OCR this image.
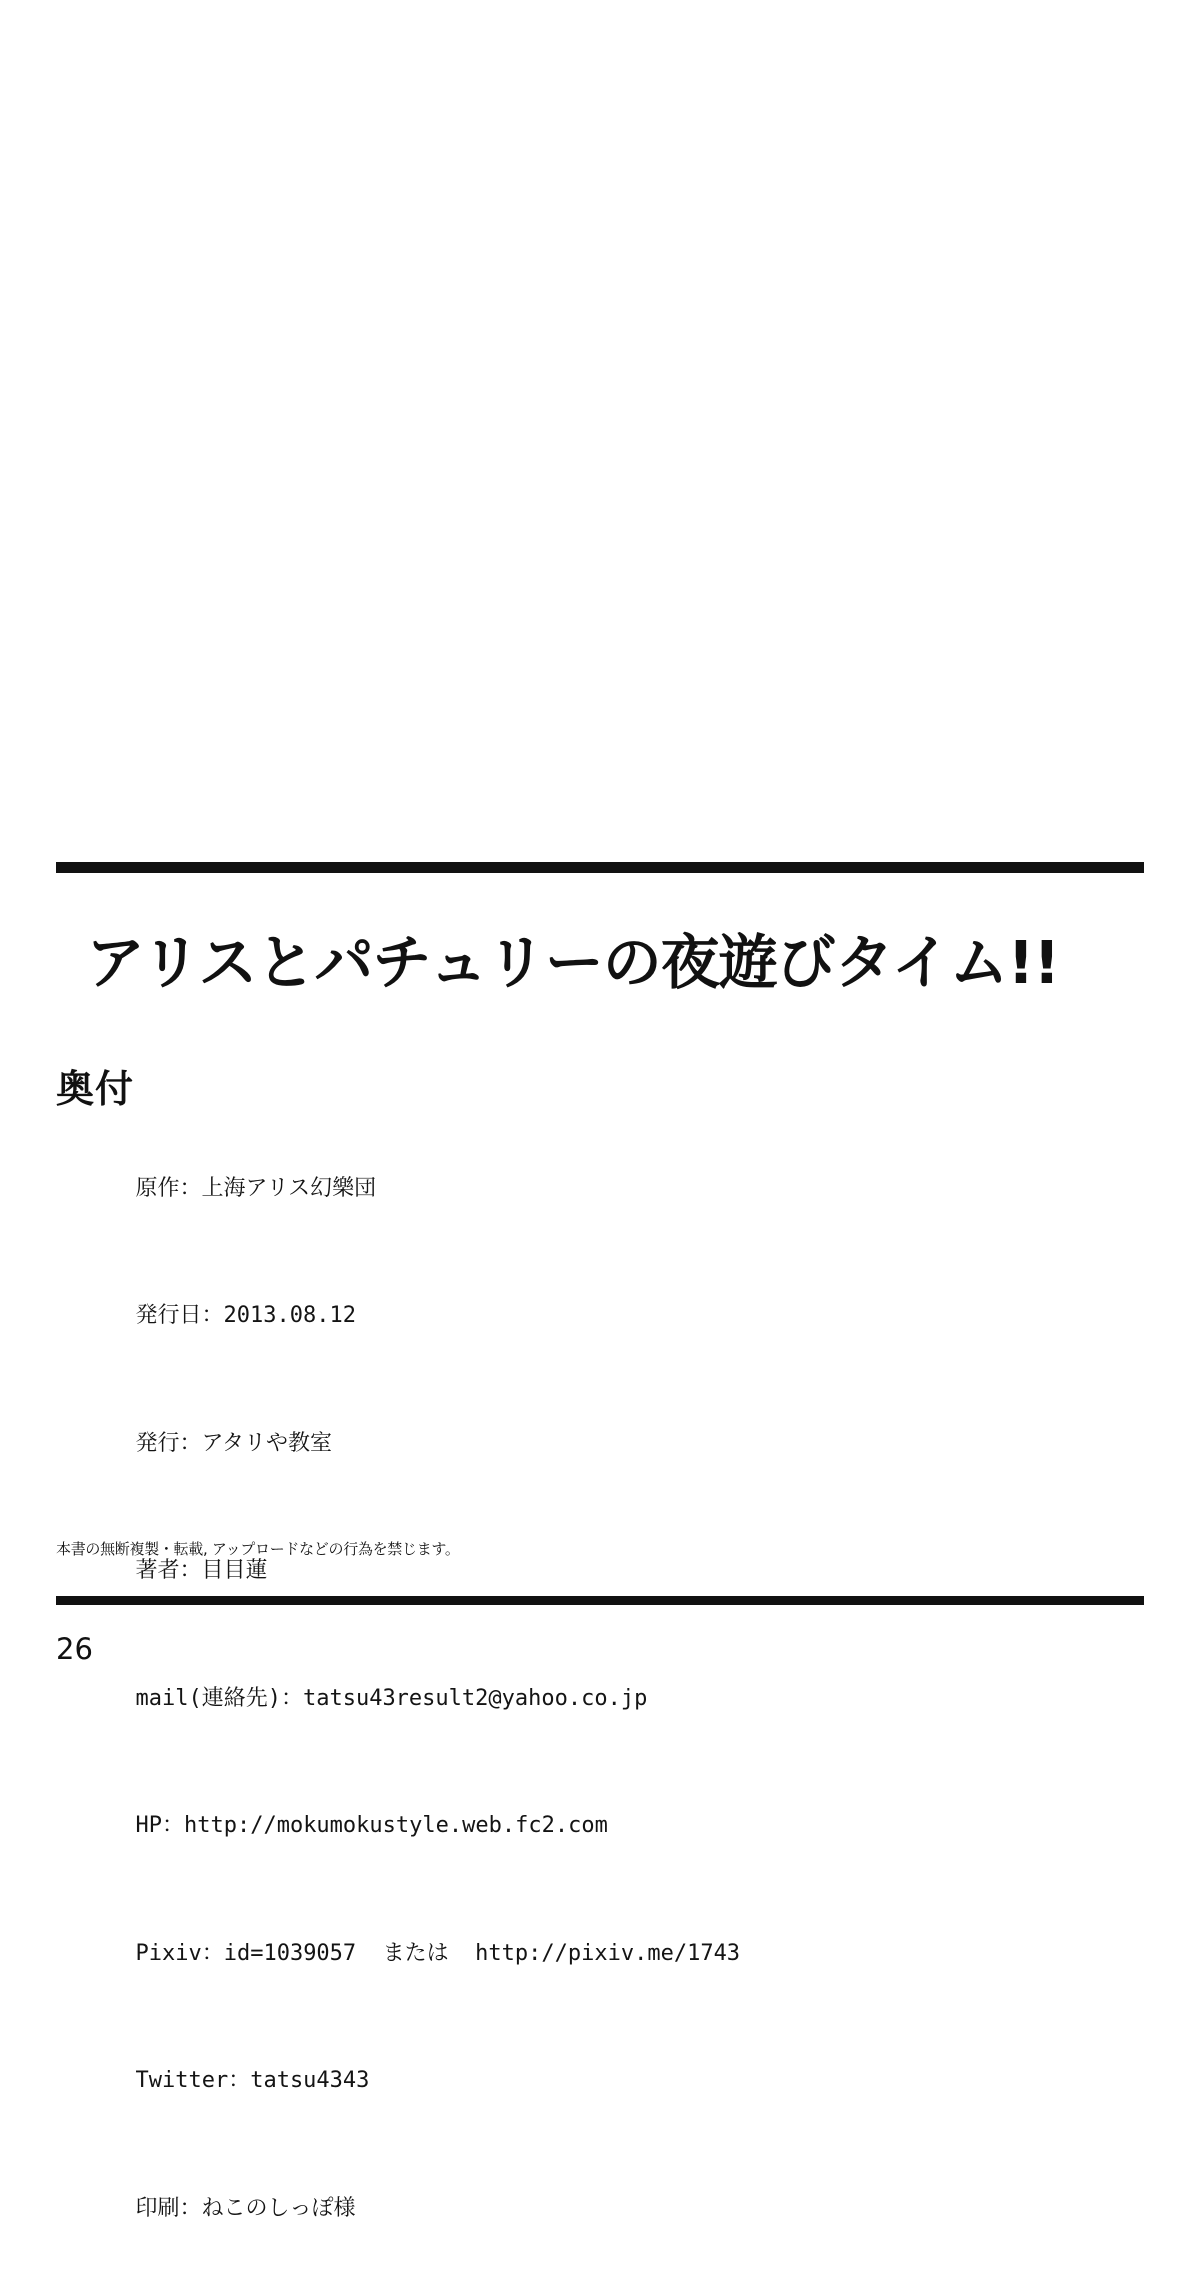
アリスとパチュリーの夜遊びタイム!!
奥付

原作：上海アリス幻樂団

発行日：2013.08.12

発行：アタリや教室

著者：目目蓮

mail(連絡先)：tatsu43result2@yahoo.co.jp

HP：http://mokumokustyle.web.fc2.com

Pixiv：id=1039057  または  http://pixiv.me/1743

Twitter：tatsu4343

印刷：ねこのしっぽ様

本書の無断複製・転載, アップロードなどの行為を禁じます。
26
